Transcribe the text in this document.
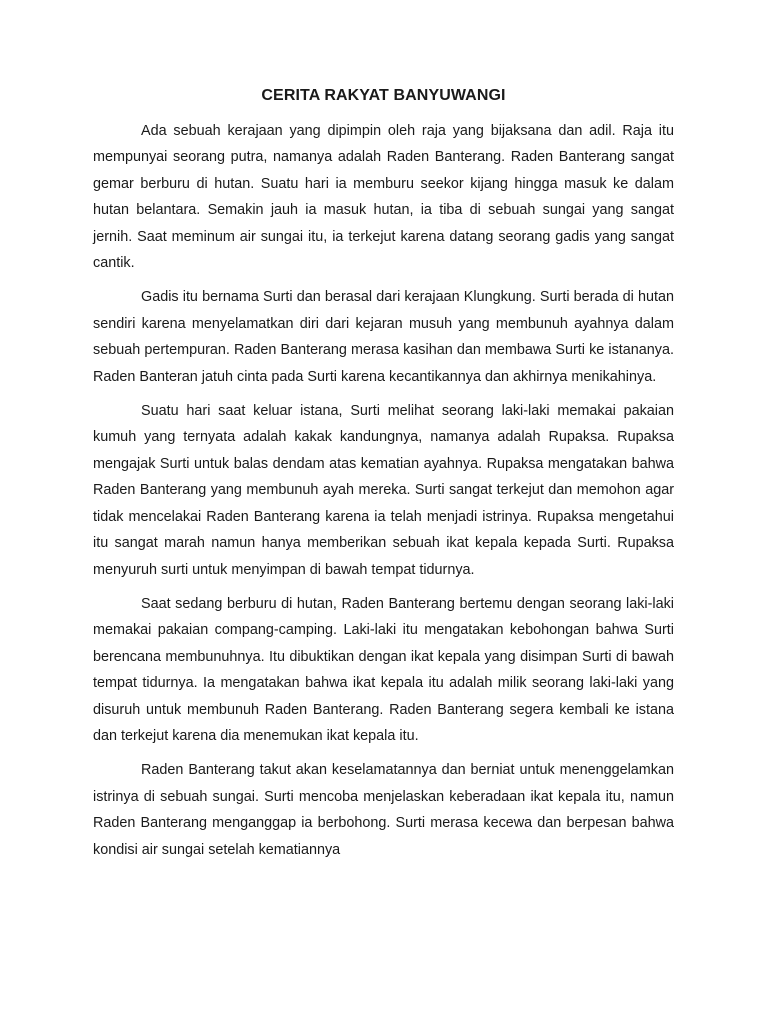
CERITA RAKYAT BANYUWANGI

Ada sebuah kerajaan yang dipimpin oleh raja yang bijaksana dan adil. Raja itu mempunyai seorang putra, namanya adalah Raden Banterang. Raden Banterang sangat gemar berburu di hutan. Suatu hari ia memburu seekor kijang hingga masuk ke dalam hutan belantara. Semakin jauh ia masuk hutan, ia tiba di sebuah sungai yang sangat jernih. Saat meminum air sungai itu, ia terkejut karena datang seorang gadis yang sangat cantik.

Gadis itu bernama Surti dan berasal dari kerajaan Klungkung. Surti berada di hutan sendiri karena menyelamatkan diri dari kejaran musuh yang membunuh ayahnya dalam sebuah pertempuran. Raden Banterang merasa kasihan dan membawa Surti ke istananya. Raden Banteran jatuh cinta pada Surti karena kecantikannya dan akhirnya menikahinya.

Suatu hari saat keluar istana, Surti melihat seorang laki-laki memakai pakaian kumuh yang ternyata adalah kakak kandungnya, namanya adalah Rupaksa. Rupaksa mengajak Surti untuk balas dendam atas kematian ayahnya. Rupaksa mengatakan bahwa Raden Banterang yang membunuh ayah mereka. Surti sangat terkejut dan memohon agar tidak mencelakai Raden Banterang karena ia telah menjadi istrinya. Rupaksa mengetahui itu sangat marah namun hanya memberikan sebuah ikat kepala kepada Surti. Rupaksa menyuruh surti untuk menyimpan di bawah tempat tidurnya.

Saat sedang berburu di hutan, Raden Banterang bertemu dengan seorang laki-laki memakai pakaian compang-camping. Laki-laki itu mengatakan kebohongan bahwa Surti berencana membunuhnya. Itu dibuktikan dengan ikat kepala yang disimpan Surti di bawah tempat tidurnya. Ia mengatakan bahwa ikat kepala itu adalah milik seorang laki-laki yang disuruh untuk membunuh Raden Banterang. Raden Banterang segera kembali ke istana dan terkejut karena dia menemukan ikat kepala itu.

Raden Banterang takut akan keselamatannya dan berniat untuk menenggelamkan istrinya di sebuah sungai. Surti mencoba menjelaskan keberadaan ikat kepala itu, namun Raden Banterang menganggap ia berbohong. Surti merasa kecewa dan berpesan bahwa kondisi air sungai setelah kematiannya
